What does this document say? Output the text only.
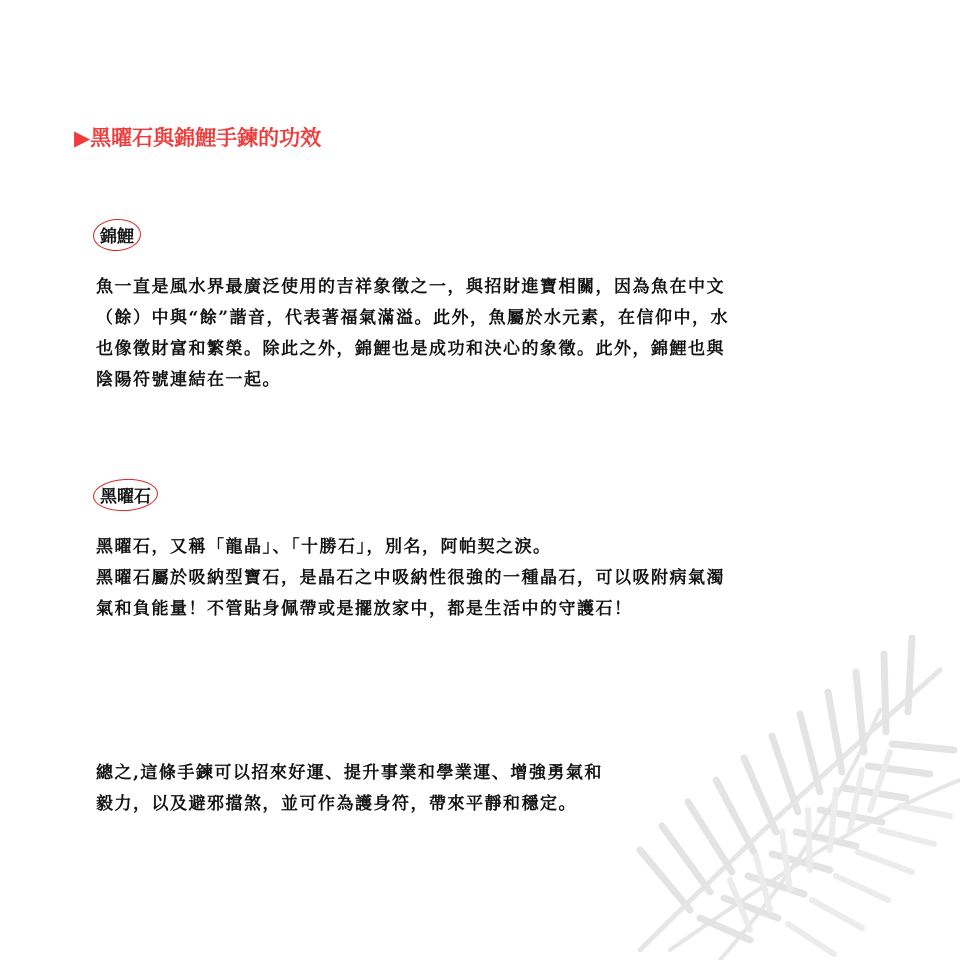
▶黑曜石與錦鯉手鍊的功效
錦鯉

魚一直是風水界最廣泛使用的吉祥象徵之一，與招財進寶相關，因為魚在中文
（餘）中與“餘”諧音，代表著福氣滿溢。此外，魚屬於水元素，在信仰中，水
也像徵財富和繁榮。除此之外，錦鯉也是成功和決心的象徵。此外，錦鯉也與
陰陽符號連結在一起。

黑曜石

黑曜石，又稱「龍晶」、「十勝石」，別名，阿帕契之淚。
黑曜石屬於吸納型寶石，是晶石之中吸納性很強的一種晶石，可以吸附病氣濁
氣和負能量！不管貼身佩帶或是擺放家中，都是生活中的守護石！

總之,這條手鍊可以招來好運、提升事業和學業運、增強勇氣和
毅力，以及避邪擋煞，並可作為護身符，帶來平靜和穩定。
